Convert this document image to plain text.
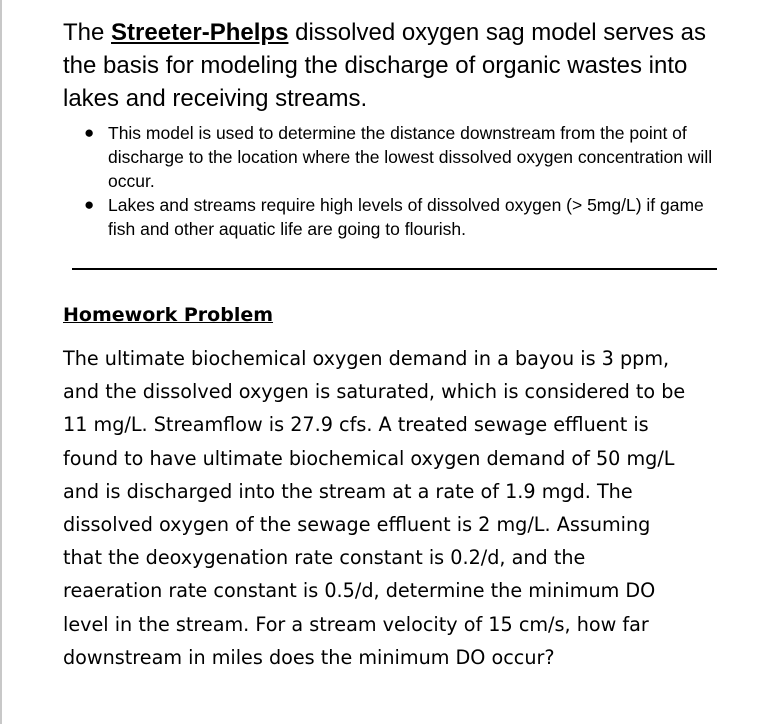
The Streeter-Phelps dissolved oxygen sag model serves as the basis for modeling the discharge of organic wastes into lakes and receiving streams.

● This model is used to determine the distance downstream from the point of discharge to the location where the lowest dissolved oxygen concentration will occur.
● Lakes and streams require high levels of dissolved oxygen (> 5mg/L) if game fish and other aquatic life are going to flourish.
Homework Problem

The ultimate biochemical oxygen demand in a bayou is 3 ppm,
and the dissolved oxygen is saturated, which is considered to be
11 mg/L. Streamflow is 27.9 cfs. A treated sewage effluent is
found to have ultimate biochemical oxygen demand of 50 mg/L
and is discharged into the stream at a rate of 1.9 mgd. The
dissolved oxygen of the sewage effluent is 2 mg/L. Assuming
that the deoxygenation rate constant is 0.2/d, and the
reaeration rate constant is 0.5/d, determine the minimum DO
level in the stream. For a stream velocity of 15 cm/s, how far
downstream in miles does the minimum DO occur?
